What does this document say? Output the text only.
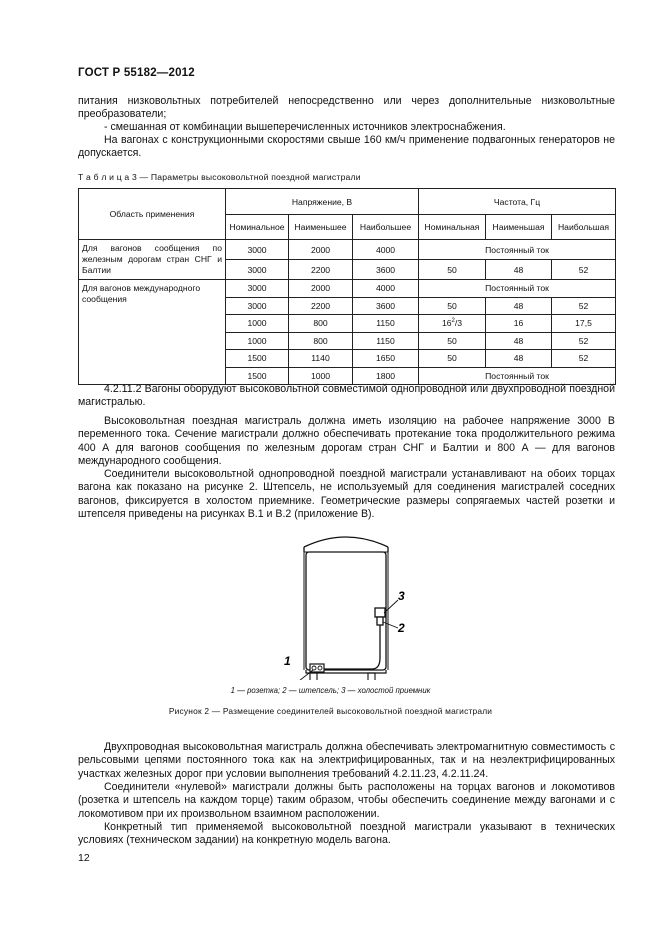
ГОСТ Р 55182—2012
питания низковольтных потребителей непосредственно или через дополнительные низковольтные преобразователи;
- смешанная от комбинации вышеперечисленных источников электроснабжения.
На вагонах с конструкционными скоростями свыше 160 км/ч применение подвагонных генераторов не допускается.
Т а б л и ц а 3 — Параметры высоковольтной поездной магистрали
Область применения	Напряжение, В			Частота, Гц		
	Номинальное	Наименьшее	Наибольшее	Номинальная	Наименьшая	Наибольшая
Для вагонов сообщения по железным дорогам стран СНГ и Балтии	3000	2000	4000	Постоянный ток		
	3000	2200	3600	50	48	52
Для вагонов международного сообщения	3000	2000	4000	Постоянный ток		
	3000	2200	3600	50	48	52
	1000	800	1150	$16^2/3$	16	17,5
	1000	800	1150	50	48	52
	1500	1140	1650	50	48	52
	1500	1000	1800	Постоянный ток		
4.2.11.2 Вагоны оборудуют высоковольтной совместимой однопроводной или двухпроводной поездной магистралью.
Высоковольтная поездная магистраль должна иметь изоляцию на рабочее напряжение 3000 В переменного тока. Сечение магистрали должно обеспечивать протекание тока продолжительного режима 400 А для вагонов сообщения по железным дорогам стран СНГ и Балтии и 800 А — для вагонов международного сообщения.
Соединители высоковольтной однопроводной поездной магистрали устанавливают на обоих торцах вагона как показано на рисунке 2. Штепсель, не используемый для соединения магистралей соседних вагонов, фиксируется в холостом приемнике. Геометрические размеры сопрягаемых частей розетки и штепселя приведены на рисунках В.1 и В.2 (приложение В).
1
3
2
1 — розетка; 2 — штепсель; 3 — холостой приемник
Рисунок 2 — Размещение соединителей высоковольтной поездной магистрали
Двухпроводная высоковольтная магистраль должна обеспечивать электромагнитную совместимость с рельсовыми цепями постоянного тока как на электрифицированных, так и на неэлектрифицированных участках железных дорог при условии выполнения требований 4.2.11.23, 4.2.11.24.
Соединители «нулевой» магистрали должны быть расположены на торцах вагонов и локомотивов (розетка и штепсель на каждом торце) таким образом, чтобы обеспечить соединение между вагонами и с локомотивом при их произвольном взаимном расположении.
Конкретный тип применяемой высоковольтной поездной магистрали указывают в технических условиях (техническом задании) на конкретную модель вагона.
12
